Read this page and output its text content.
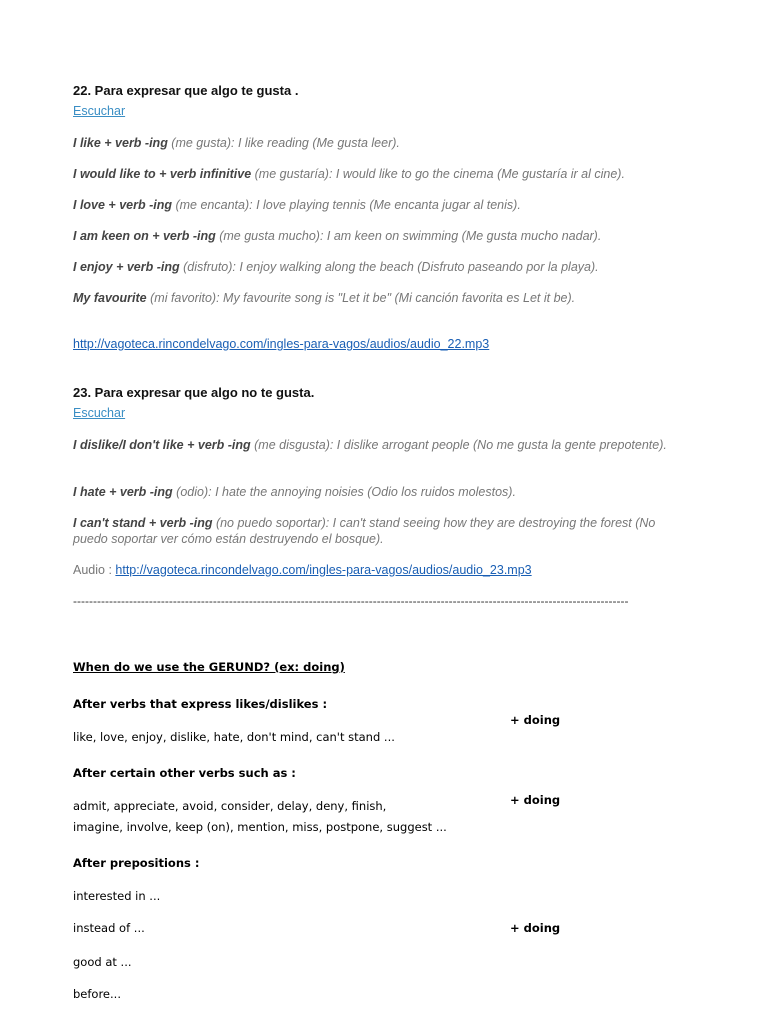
22. Para expresar que algo te gusta .
Escuchar
I like + verb -ing (me gusta): I like reading (Me gusta leer).
I would like to + verb infinitive (me gustaría): I would like to go the cinema (Me gustaría ir al cine).
I love + verb -ing (me encanta): I love playing tennis (Me encanta jugar al tenis).
I am keen on + verb -ing (me gusta mucho): I am keen on swimming (Me gusta mucho nadar).
I enjoy + verb -ing (disfruto): I enjoy walking along the beach (Disfruto paseando por la playa).
My favourite (mi favorito): My favourite song is "Let it be" (Mi canción favorita es Let it be).
http://vagoteca.rincondelvago.com/ingles-para-vagos/audios/audio_22.mp3
23. Para expresar que algo no te gusta.
Escuchar
I dislike/I don't like + verb -ing (me disgusta): I dislike arrogant people (No me gusta la gente prepotente).
I hate + verb -ing (odio): I hate the annoying noisies (Odio los ruidos molestos).
I can't stand + verb -ing (no puedo soportar): I can't stand seeing how they are destroying the forest (No puedo soportar ver cómo están destruyendo el bosque).
Audio : http://vagoteca.rincondelvago.com/ingles-para-vagos/audios/audio_23.mp3
-------------------------------------------------------------------------------------------------------------------------------------------
When do we use the GERUND? (ex: doing)
After verbs that express likes/dislikes :
+ doing
like, love, enjoy, dislike, hate, don't mind, can't stand ...
After certain other verbs such as :
+ doing
admit, appreciate, avoid, consider, delay, deny, finish,
imagine, involve, keep (on), mention, miss, postpone, suggest ...
After prepositions :
interested in ...
instead of ...	+ doing
good at ...
before...
